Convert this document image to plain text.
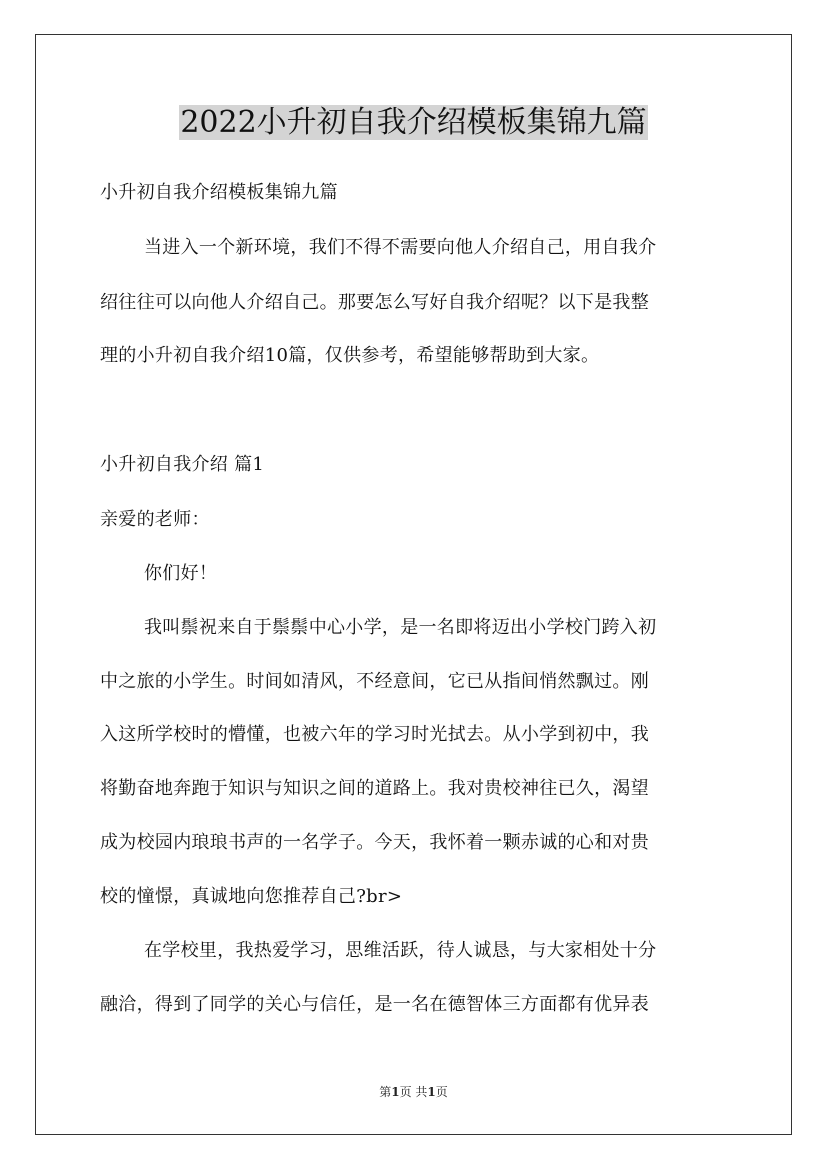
2022小升初自我介绍模板集锦九篇

小升初自我介绍模板集锦九篇

当进入一个新环境，我们不得不需要向他人介绍自己，用自我介

绍往往可以向他人介绍自己。那要怎么写好自我介绍呢？以下是我整

理的小升初自我介绍10篇，仅供参考，希望能够帮助到大家。

小升初自我介绍 篇1

亲爱的老师：

你们好！

我叫鬃祝来自于鬃鬃中心小学，是一名即将迈出小学校门跨入初

中之旅的小学生。时间如清风，不经意间，它已从指间悄然飘过。刚

入这所学校时的懵懂，也被六年的学习时光拭去。从小学到初中，我

将勤奋地奔跑于知识与知识之间的道路上。我对贵校神往已久，渴望

成为校园内琅琅书声的一名学子。今天，我怀着一颗赤诚的心和对贵

校的憧憬，真诚地向您推荐自己?br>

在学校里，我热爱学习，思维活跃，待人诚恳，与大家相处十分

融洽，得到了同学的关心与信任，是一名在德智体三方面都有优异表

第1页 共1页
